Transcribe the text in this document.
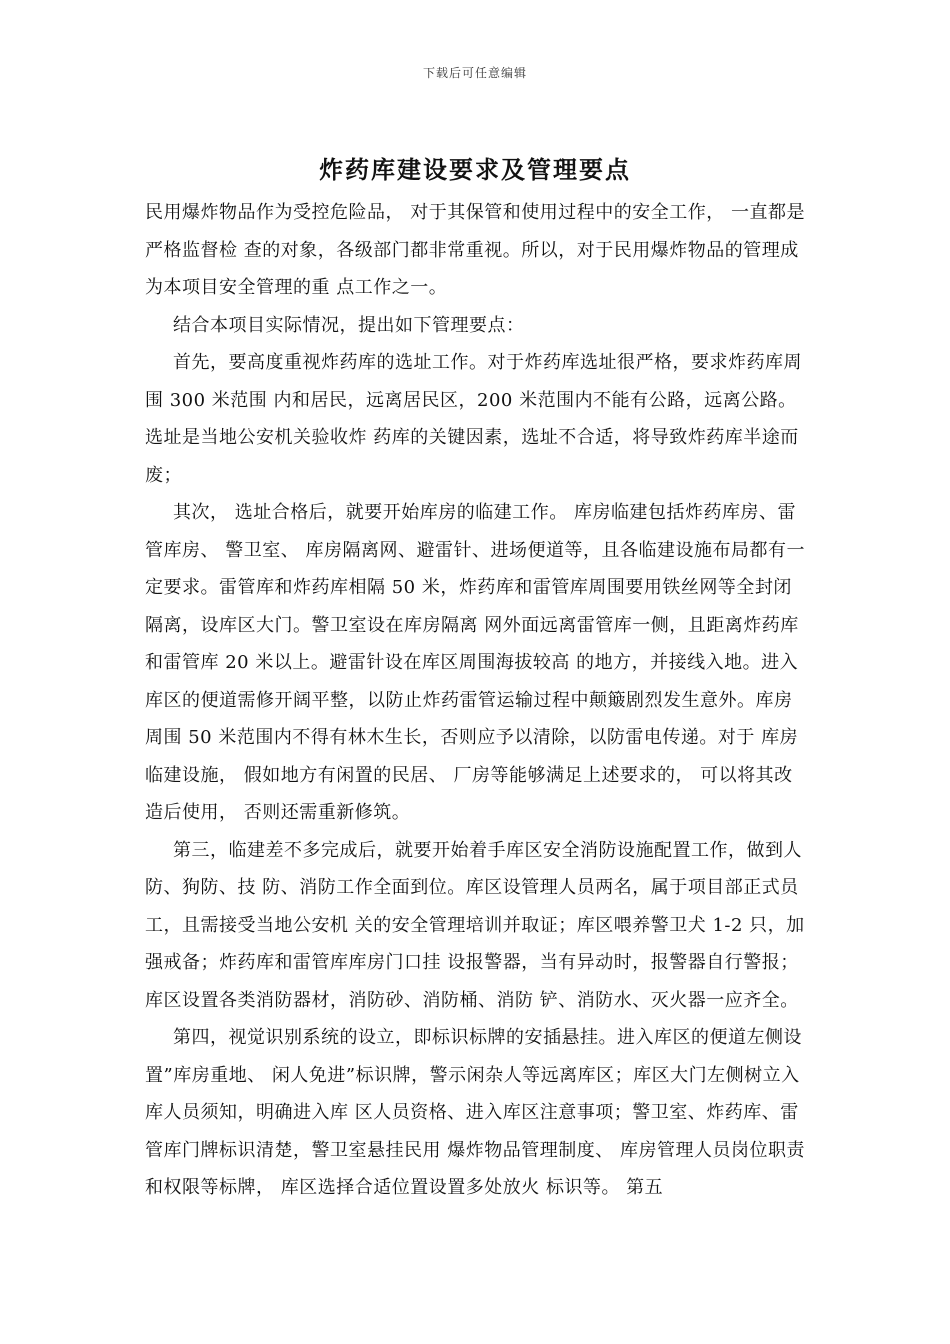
下载后可任意编辑
炸药库建设要求及管理要点

民用爆炸物品作为受控危险品， 对于其保管和使用过程中的安全工作， 一直都是严格监督检 查的对象，各级部门都非常重视。所以，对于民用爆炸物品的管理成为本项目安全管理的重 点工作之一。

结合本项目实际情况，提出如下管理要点：

首先，要高度重视炸药库的选址工作。对于炸药库选址很严格，要求炸药库周围 300 米范围 内和居民，远离居民区，200 米范围内不能有公路，远离公路。选址是当地公安机关验收炸 药库的关键因素，选址不合适，将导致炸药库半途而废；

其次， 选址合格后，就要开始库房的临建工作。 库房临建包括炸药库房、雷管库房、 警卫室、 库房隔离网、避雷针、进场便道等，且各临建设施布局都有一定要求。雷管库和炸药库相隔 50 米，炸药库和雷管库周围要用铁丝网等全封闭隔离，设库区大门。警卫室设在库房隔离 网外面远离雷管库一侧，且距离炸药库和雷管库 20 米以上。避雷针设在库区周围海拔较高 的地方，并接线入地。进入库区的便道需修开阔平整，以防止炸药雷管运输过程中颠簸剧烈发生意外。库房周围 50 米范围内不得有林木生长，否则应予以清除，以防雷电传递。对于 库房临建设施， 假如地方有闲置的民居、 厂房等能够满足上述要求的， 可以将其改造后使用， 否则还需重新修筑。

第三，临建差不多完成后，就要开始着手库区安全消防设施配置工作，做到人防、狗防、技 防、消防工作全面到位。库区设管理人员两名，属于项目部正式员工，且需接受当地公安机 关的安全管理培训并取证；库区喂养警卫犬 1-2 只，加强戒备；炸药库和雷管库库房门口挂 设报警器，当有异动时，报警器自行警报；库区设置各类消防器材，消防砂、消防桶、消防 铲、消防水、灭火器一应齐全。

第四，视觉识别系统的设立，即标识标牌的安插悬挂。进入库区的便道左侧设置”库房重地、 闲人免进”标识牌，警示闲杂人等远离库区；库区大门左侧树立入库人员须知，明确进入库 区人员资格、进入库区注意事项；警卫室、炸药库、雷管库门牌标识清楚，警卫室悬挂民用 爆炸物品管理制度、 库房管理人员岗位职责和权限等标牌， 库区选择合适位置设置多处放火 标识等。 第五
